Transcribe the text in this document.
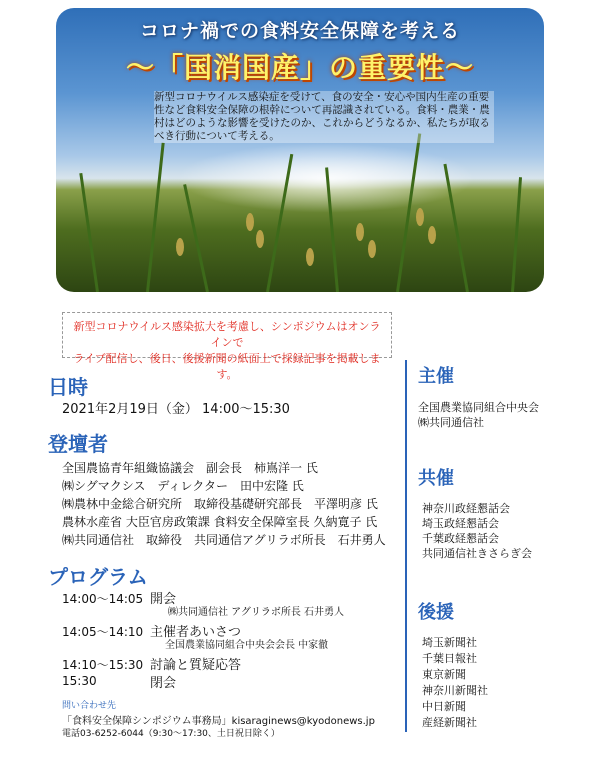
コロナ禍での食料安全保障を考える
～「国消国産」の重要性～
新型コロナウイルス感染症を受けて、食の安全・安心や国内生産の重要性など食料安全保障の根幹について再認識されている。食料・農業・農村はどのような影響を受けたのか、これからどうなるか、私たちが取るべき行動について考える。
新型コロナウイルス感染拡大を考慮し、シンポジウムはオンラインで
ライブ配信し、後日、後援新聞の紙面上で採録記事を掲載します。
日時
2021年2月19日（金） 14:00～15:30
登壇者
全国農協青年組織協議会　副会長　柿嶌洋一 氏
㈱シグマクシス　ディレクター　田中宏隆 氏
㈱農林中金総合研究所　取締役基礎研究部長　平澤明彦 氏
農林水産省 大臣官房政策課 食料安全保障室長 久納寛子 氏
㈱共同通信社　取締役　共同通信アグリラボ所長　石井勇人
プログラム
14:00～14:05 開会
㈱共同通信社 アグリラボ所長 石井勇人
14:05～14:10 主催者あいさつ
全国農業協同組合中央会会長 中家徹
14:10～15:30 討論と質疑応答
15:30	閉会
問い合わせ先
「食料安全保障シンポジウム事務局」kisaraginews@kyodonews.jp
電話03-6252-6044（9:30～17:30、土日祝日除く）
主催
全国農業協同組合中央会
㈱共同通信社
共催
神奈川政経懇話会
埼玉政経懇話会
千葉政経懇話会
共同通信社きさらぎ会
後援
埼玉新聞社
千葉日報社
東京新聞
神奈川新聞社
中日新聞
産経新聞社
